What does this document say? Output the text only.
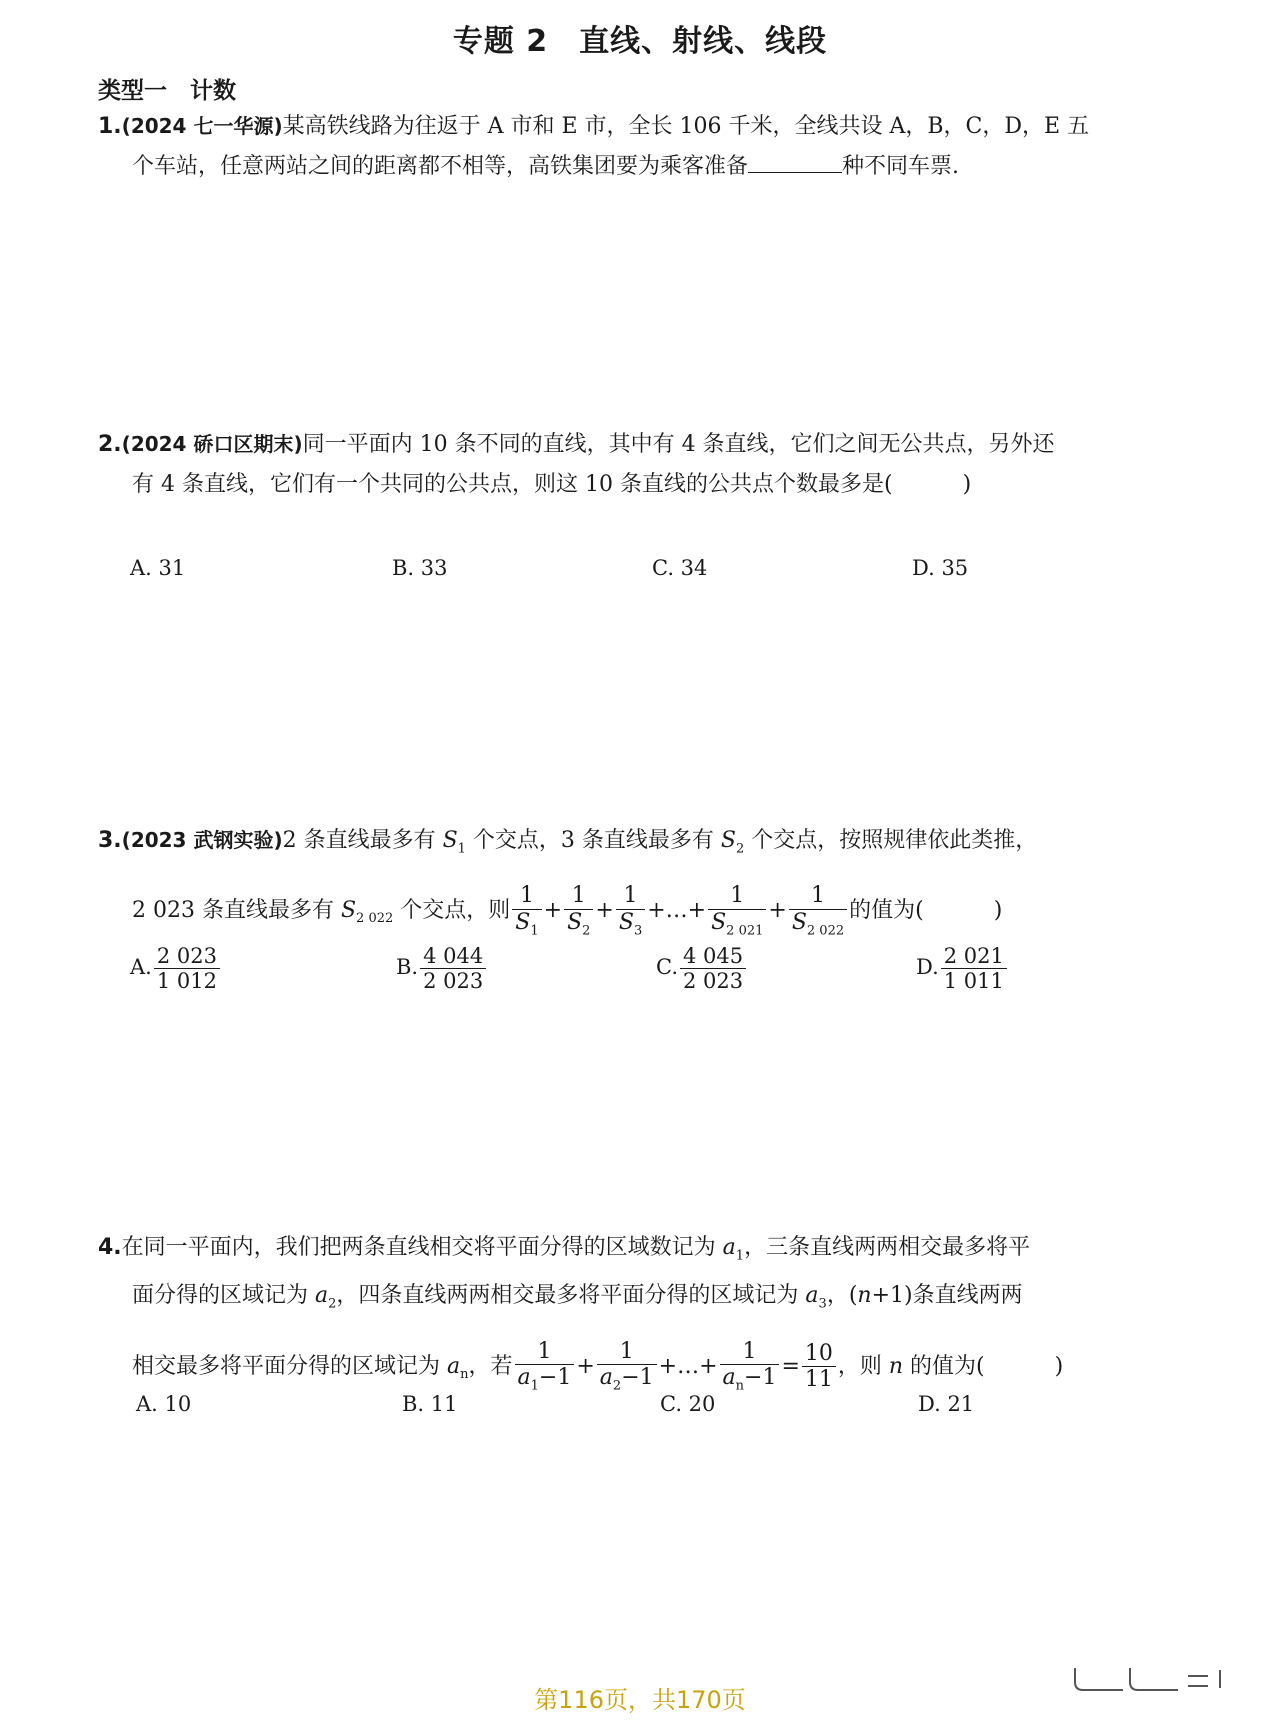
专题 2　直线、射线、线段
类型一　计数
1.(2024 七一华源)某高铁线路为往返于 A 市和 E 市，全长 106 千米，全线共设 A，B，C，D，E 五
个车站，任意两站之间的距离都不相等，高铁集团要为乘客准备	种不同车票.
2.(2024 硚口区期末)同一平面内 10 条不同的直线，其中有 4 条直线，它们之间无公共点，另外还
有 4 条直线，它们有一个共同的公共点，则这 10 条直线的公共点个数最多是(	)
A. 31	B. 33	C. 34	D. 35
3.(2023 武钢实验)2 条直线最多有 $S_1$ 个交点，3 条直线最多有 $S_2$ 个交点，按照规律依此类推，
2 023 条直线最多有 $S_{2 022}$ 个交点，则 $\frac{1}{S_1} + \frac{1}{S_2} + \frac{1}{S_3}$ +…+ $\frac{1}{S_{2 021}} + \frac{1}{S_{2 022}}$ 的值为(	)
A. $\frac{2 023}{1 012}$	B. $\frac{4 044}{2 023}$	C. $\frac{4 045}{2 023}$	D. $\frac{2 021}{1 011}$
4.在同一平面内，我们把两条直线相交将平面分得的区域数记为 $a_1$，三条直线两两相交最多将平
面分得的区域记为 $a_2$，四条直线两两相交最多将平面分得的区域记为 $a_3$，(n+1)条直线两两
相交最多将平面分得的区域记为 $a_n$，若 $\frac{1}{a_1-1} + \frac{1}{a_2-1}$ +…+ $\frac{1}{a_n-1} = \frac{10}{11}$ ，则 n 的值为(	)
A. 10	B. 11	C. 20	D. 21
第116页，共170页
